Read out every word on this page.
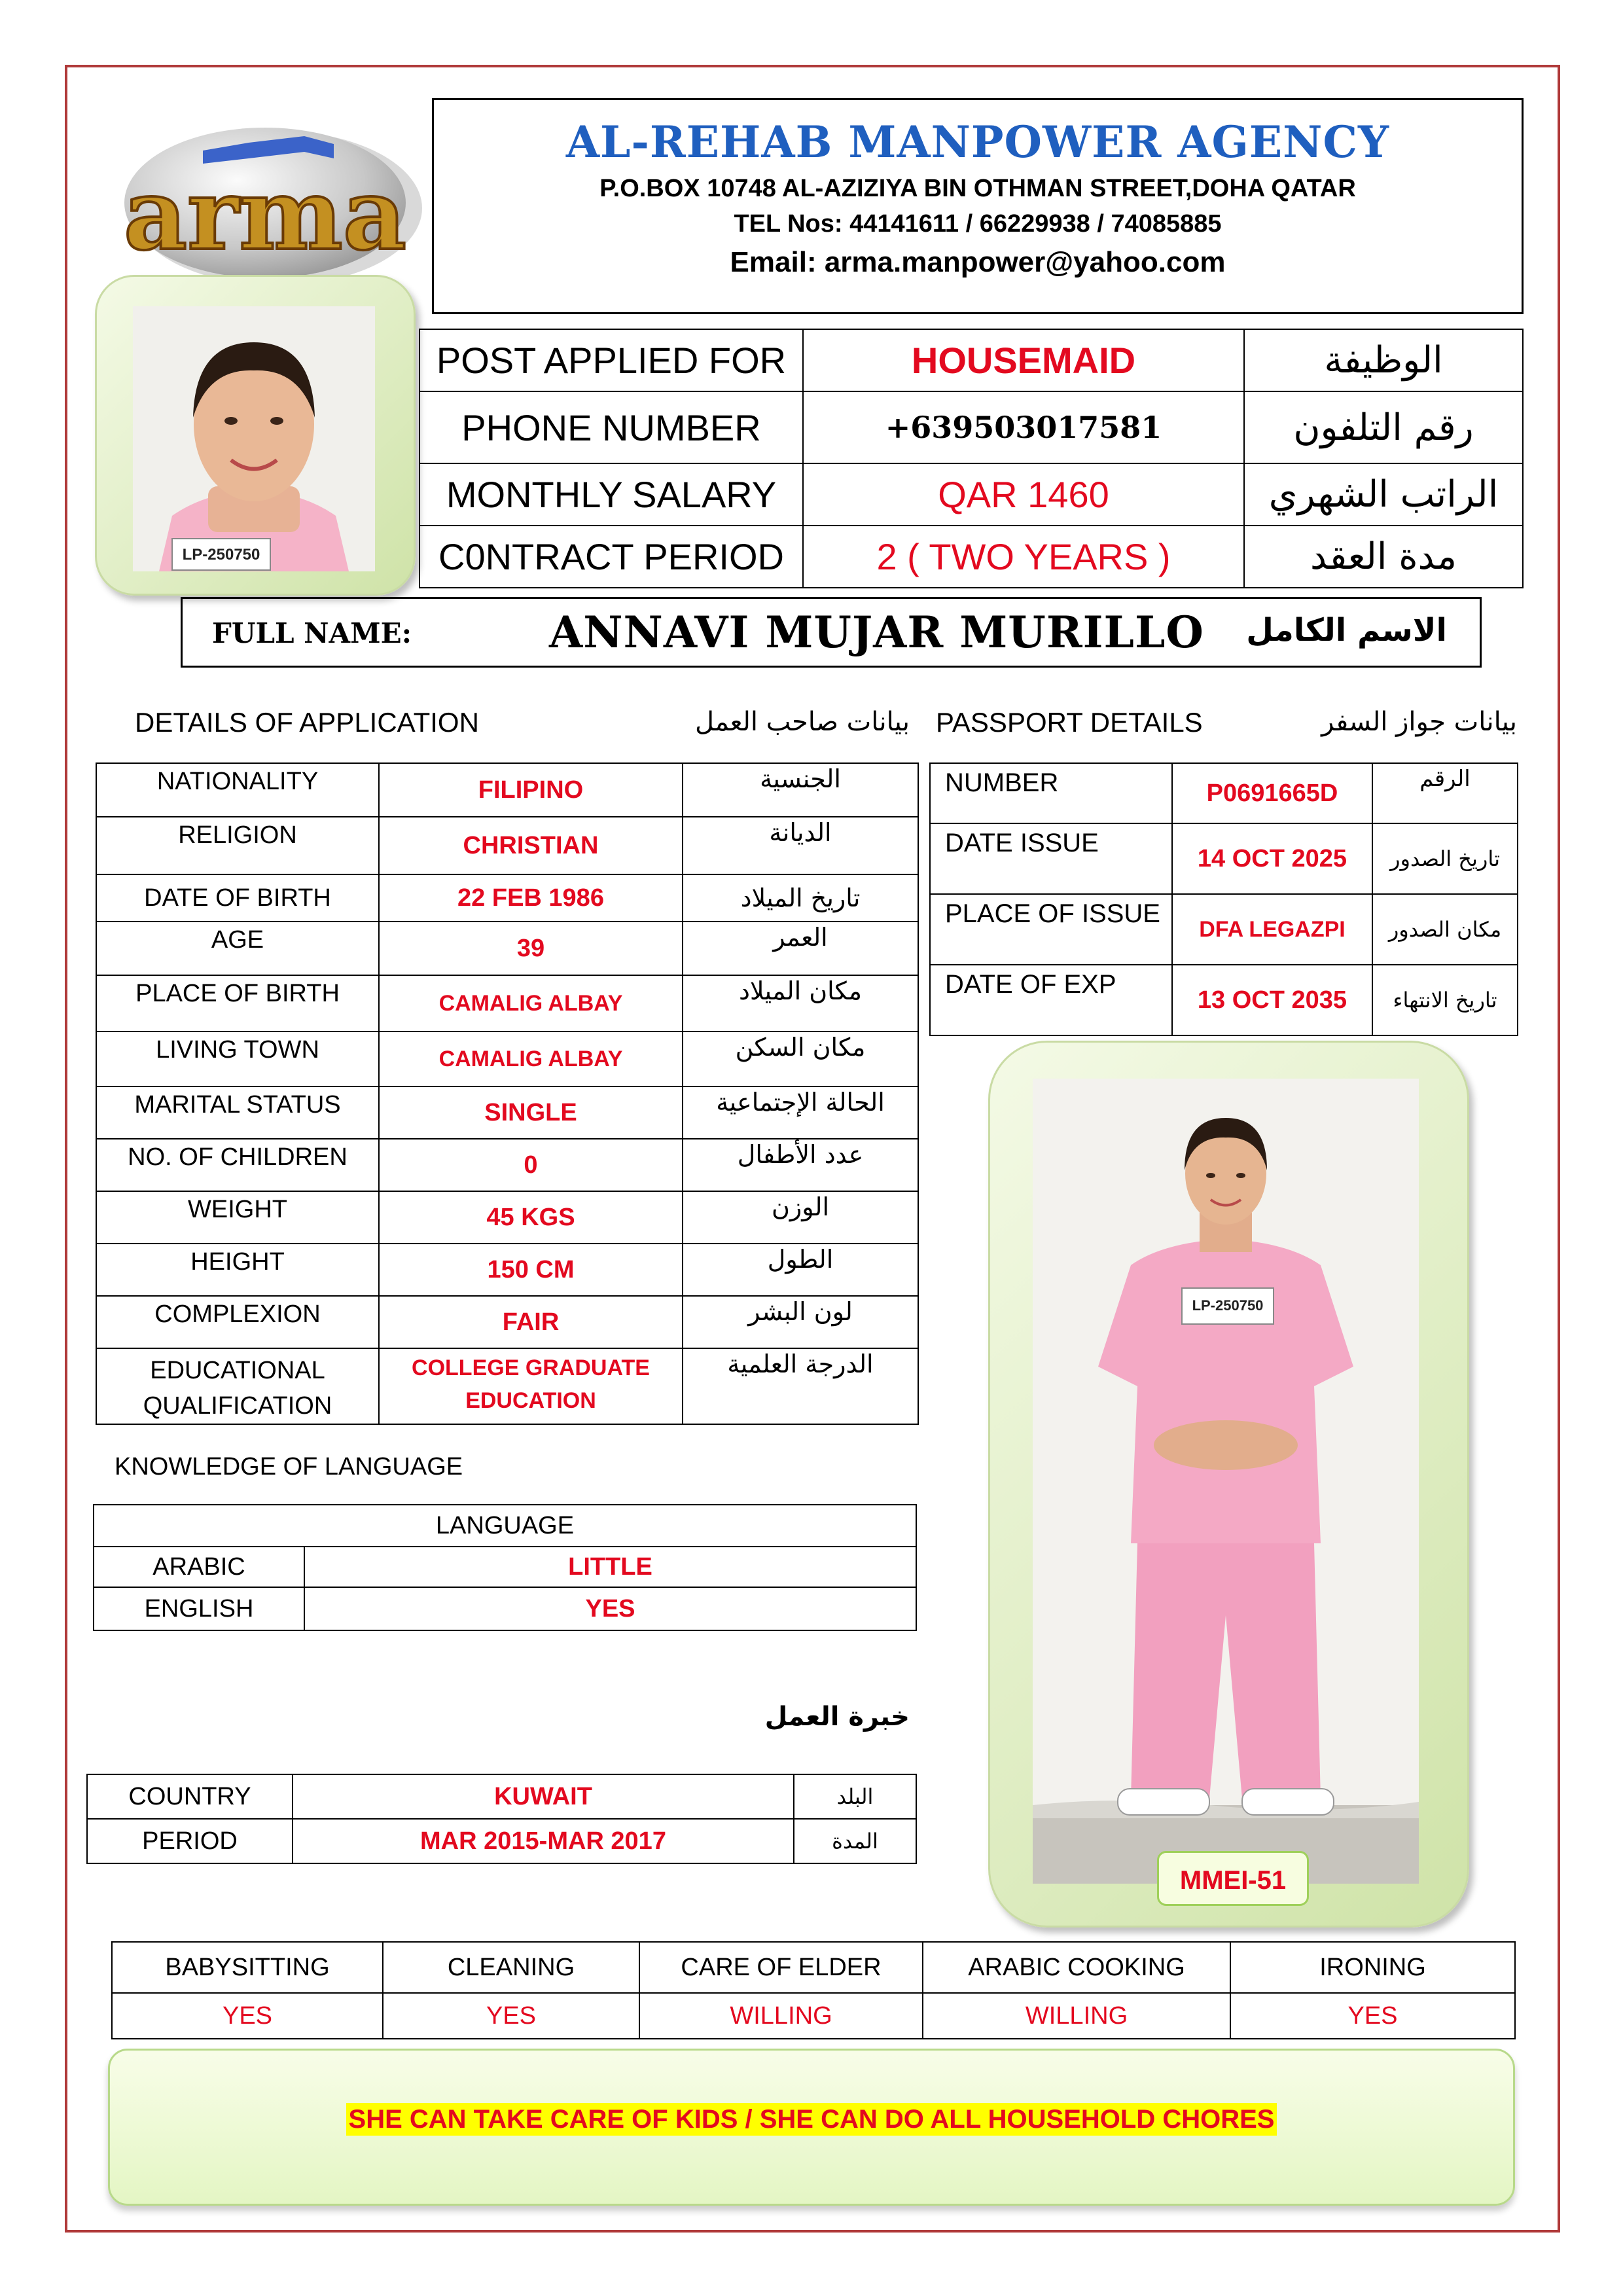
arma
AL-REHAB MANPOWER AGENCY
P.O.BOX 10748 AL-AZIZIYA BIN OTHMAN STREET,DOHA QATAR
TEL Nos: 44141611 / 66229938 / 74085885
Email: arma.manpower@yahoo.com
LP-250750
POST APPLIED FOR	HOUSEMAID	الوظيفة
PHONE NUMBER	+639503017581	رقم التلفون
MONTHLY SALARY	QAR 1460	الراتب الشهري
C0NTRACT PERIOD	2 ( TWO YEARS )	مدة العقد
FULL NAME:	ANNAVI MUJAR MURILLO الاسم الكامل
DETAILS OF APPLICATION	بيانات صاحب العمل PASSPORT DETAILS	بيانات جواز السفر
NATIONALITY	FILIPINO	الجنسية
RELIGION	CHRISTIAN	الديانة
DATE OF BIRTH	22 FEB 1986	تاريخ الميلاد
AGE	39	العمر
PLACE OF BIRTH	CAMALIG ALBAY	مكان الميلاد
LIVING TOWN	CAMALIG ALBAY	مكان السكن
MARITAL STATUS	SINGLE	الحالة الإجتماعية
NO. OF CHILDREN	0	عدد الأطفال
WEIGHT	45 KGS	الوزن
HEIGHT	150 CM	الطول
COMPLEXION	FAIR	لون البشر
EDUCATIONAL QUALIFICATION	COLLEGE GRADUATE EDUCATION	الدرجة العلمية
NUMBER	P0691665D	الرقم
DATE ISSUE	14 OCT 2025	تاريخ الصدور
PLACE OF ISSUE	DFA LEGAZPI	مكان الصدور
DATE OF EXP	13 OCT 2035	تاريخ الانتهاء
LP-250750
MMEI-51
KNOWLEDGE OF LANGUAGE
LANGUAGE	
ARABIC	LITTLE
ENGLISH	YES
خبرة العمل
COUNTRY	KUWAIT	البلد
PERIOD	MAR 2015-MAR 2017	المدة
BABYSITTING	CLEANING	CARE OF ELDER	ARABIC COOKING	IRONING
YES	YES	WILLING	WILLING	YES
SHE CAN TAKE CARE OF KIDS / SHE CAN DO ALL HOUSEHOLD CHORES
